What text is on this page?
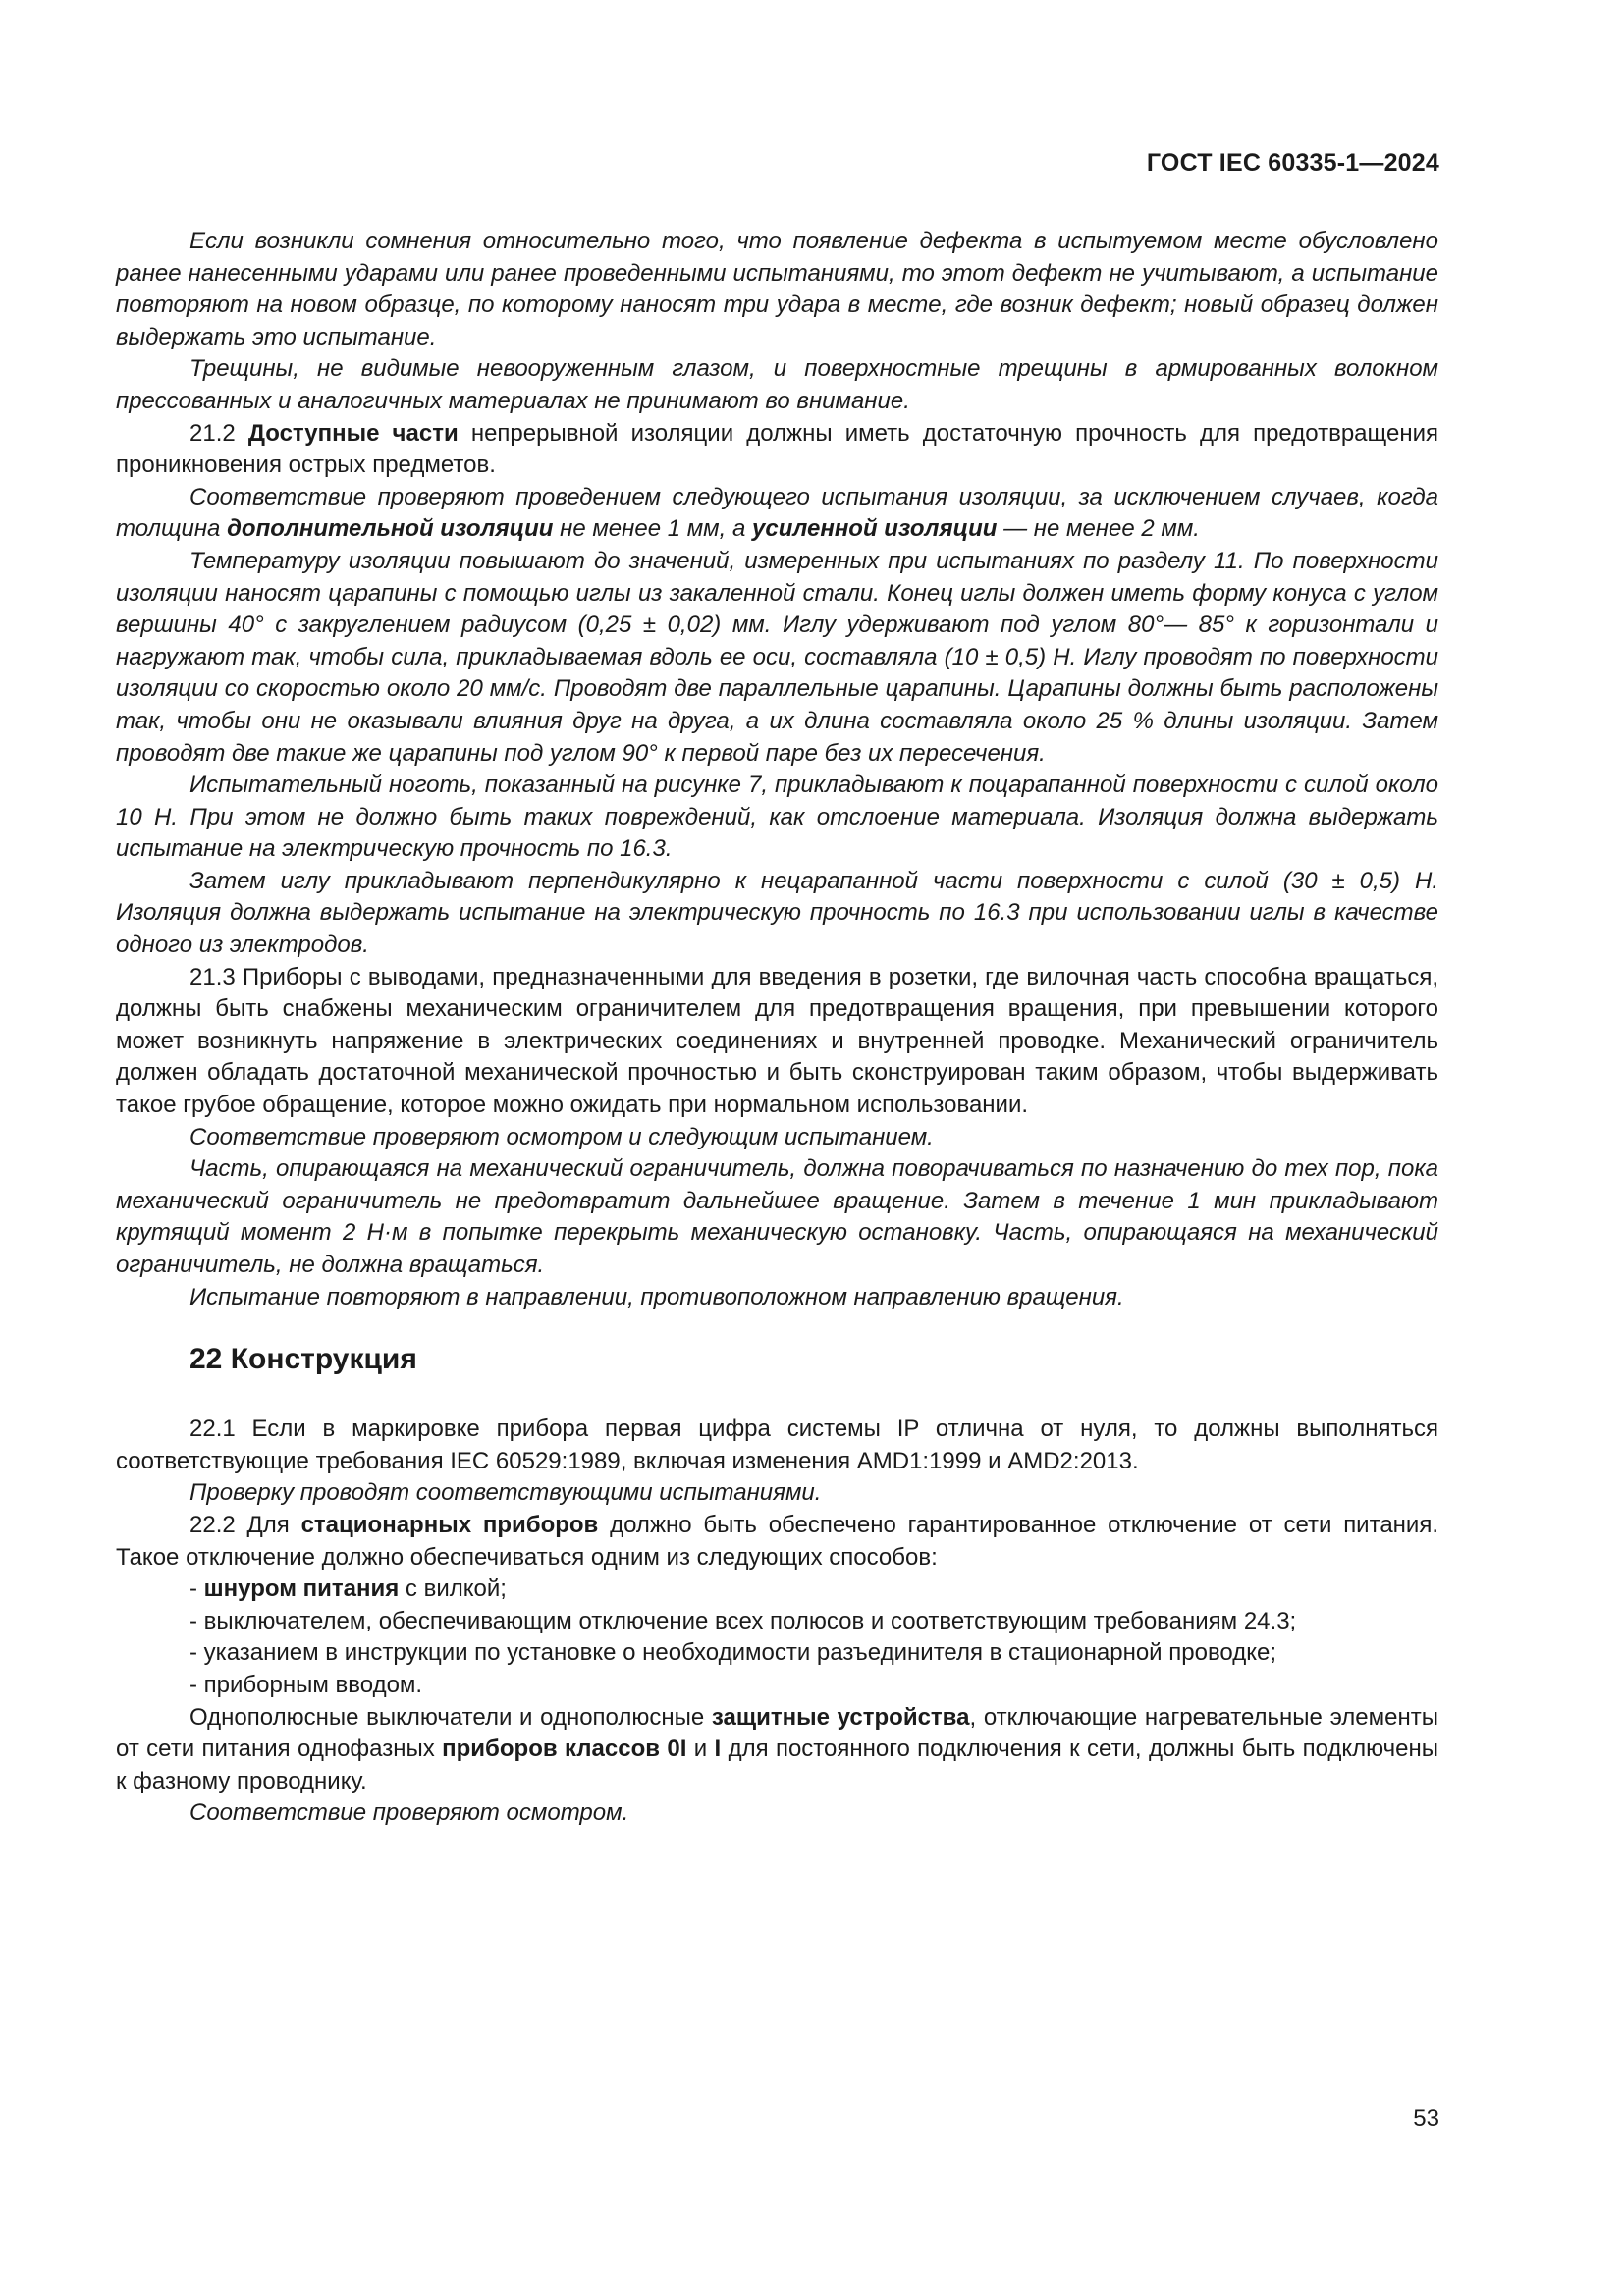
ГОСТ IEC 60335-1—2024

Если возникли сомнения относительно того, что появление дефекта в испытуемом месте обусловлено ранее нанесенными ударами или ранее проведенными испытаниями, то этот дефект не учитывают, а испытание повторяют на новом образце, по которому наносят три удара в месте, где возник дефект; новый образец должен выдержать это испытание.

Трещины, не видимые невооруженным глазом, и поверхностные трещины в армированных волокном прессованных и аналогичных материалах не принимают во внимание.

21.2 Доступные части непрерывной изоляции должны иметь достаточную прочность для предотвращения проникновения острых предметов.

Соответствие проверяют проведением следующего испытания изоляции, за исключением случаев, когда толщина дополнительной изоляции не менее 1 мм, а усиленной изоляции — не менее 2 мм.

Температуру изоляции повышают до значений, измеренных при испытаниях по разделу 11. По поверхности изоляции наносят царапины с помощью иглы из закаленной стали. Конец иглы должен иметь форму конуса с углом вершины 40° с закруглением радиусом (0,25 ± 0,02) мм. Иглу удерживают под углом 80°— 85° к горизонтали и нагружают так, чтобы сила, прикладываемая вдоль ее оси, составляла (10 ± 0,5) Н. Иглу проводят по поверхности изоляции со скоростью около 20 мм/с. Проводят две параллельные царапины. Царапины должны быть расположены так, чтобы они не оказывали влияния друг на друга, а их длина составляла около 25 % длины изоляции. Затем проводят две такие же царапины под углом 90° к первой паре без их пересечения.

Испытательный ноготь, показанный на рисунке 7, прикладывают к поцарапанной поверхности с силой около 10 Н. При этом не должно быть таких повреждений, как отслоение материала. Изоляция должна выдержать испытание на электрическую прочность по 16.3.

Затем иглу прикладывают перпендикулярно к нецарапанной части поверхности с силой (30 ± 0,5) Н. Изоляция должна выдержать испытание на электрическую прочность по 16.3 при использовании иглы в качестве одного из электродов.

21.3 Приборы с выводами, предназначенными для введения в розетки, где вилочная часть способна вращаться, должны быть снабжены механическим ограничителем для предотвращения вращения, при превышении которого может возникнуть напряжение в электрических соединениях и внутренней проводке. Механический ограничитель должен обладать достаточной механической прочностью и быть сконструирован таким образом, чтобы выдерживать такое грубое обращение, которое можно ожидать при нормальном использовании.

Соответствие проверяют осмотром и следующим испытанием.

Часть, опирающаяся на механический ограничитель, должна поворачиваться по назначению до тех пор, пока механический ограничитель не предотвратит дальнейшее вращение. Затем в течение 1 мин прикладывают крутящий момент 2 Н·м в попытке перекрыть механическую остановку. Часть, опирающаяся на механический ограничитель, не должна вращаться.

Испытание повторяют в направлении, противоположном направлению вращения.

22 Конструкция

22.1 Если в маркировке прибора первая цифра системы IP отлична от нуля, то должны выполняться соответствующие требования IEC 60529:1989, включая изменения AMD1:1999 и AMD2:2013.

Проверку проводят соответствующими испытаниями.

22.2 Для стационарных приборов должно быть обеспечено гарантированное отключение от сети питания. Такое отключение должно обеспечиваться одним из следующих способов:

- шнуром питания с вилкой;

- выключателем, обеспечивающим отключение всех полюсов и соответствующим требованиям 24.3;

- указанием в инструкции по установке о необходимости разъединителя в стационарной проводке;

- приборным вводом.

Однополюсные выключатели и однополюсные защитные устройства, отключающие нагревательные элементы от сети питания однофазных приборов классов 0I и I для постоянного подключения к сети, должны быть подключены к фазному проводнику.

Соответствие проверяют осмотром.

53
